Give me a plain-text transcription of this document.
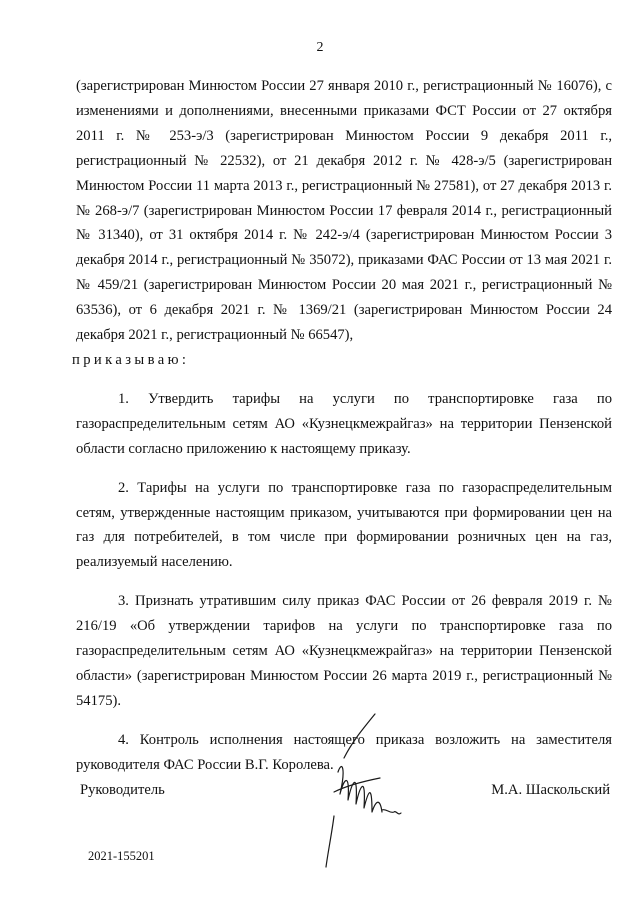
2

(зарегистрирован Минюстом России 27 января 2010 г., регистрационный № 16076), с изменениями и дополнениями, внесенными приказами ФСТ России от 27 октября 2011 г. № 253-э/3 (зарегистрирован Минюстом России 9 декабря 2011 г., регистрационный № 22532), от 21 декабря 2012 г. № 428-э/5 (зарегистрирован Минюстом России 11 марта 2013 г., регистрационный № 27581), от 27 декабря 2013 г. № 268-э/7 (зарегистрирован Минюстом России 17 февраля 2014 г., регистрационный № 31340), от 31 октября 2014 г. № 242-э/4 (зарегистрирован Минюстом России 3 декабря 2014 г., регистрационный № 35072), приказами ФАС России от 13 мая 2021 г. № 459/21 (зарегистрирован Минюстом России 20 мая 2021 г., регистрационный № 63536), от 6 декабря 2021 г. № 1369/21 (зарегистрирован Минюстом России 24 декабря 2021 г., регистрационный № 66547),

приказываю:

1. Утвердить тарифы на услуги по транспортировке газа по газораспределительным сетям АО «Кузнецкмежрайгаз» на территории Пензенской области согласно приложению к настоящему приказу.

2. Тарифы на услуги по транспортировке газа по газораспределительным сетям, утвержденные настоящим приказом, учитываются при формировании цен на газ для потребителей, в том числе при формировании розничных цен на газ, реализуемый населению.

3. Признать утратившим силу приказ ФАС России от 26 февраля 2019 г. № 216/19 «Об утверждении тарифов на услуги по транспортировке газа по газораспределительным сетям АО «Кузнецкмежрайгаз» на территории Пензенской области» (зарегистрирован Минюстом России 26 марта 2019 г., регистрационный № 54175).

4. Контроль исполнения настоящего приказа возложить на заместителя руководителя ФАС России В.Г. Королева.

Руководитель	М.А. Шаскольский
2021-155201
